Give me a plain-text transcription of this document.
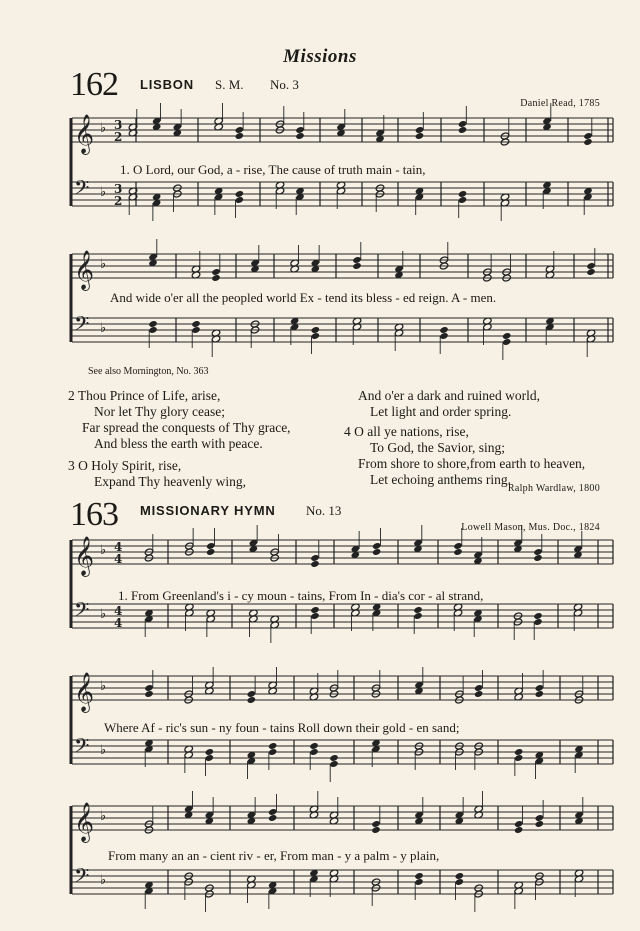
Missions
162 LISBON S. M. No. 3
Daniel Read, 1785
𝄞 ♭ 3
2
𝄢 ♭ 3
2
1. O Lord, our God, a - rise, The cause of truth main - tain,
𝄞 ♭
𝄢 ♭
And wide o'er all the peopled world Ex - tend its bless - ed reign. A - men.
See also Mornington, No. 363
2 Thou Prince of Life, arise,
Nor let Thy glory cease;
Far spread the conquests of Thy grace,
And bless the earth with peace.
3 O Holy Spirit, rise,
Expand Thy heavenly wing,
And o'er a dark and ruined world,
Let light and order spring.
4 O all ye nations, rise,
To God, the Savior, sing;
From shore to shore,from earth to heaven,
Let echoing anthems ring.
Ralph Wardlaw, 1800
163 MISSIONARY HYMN No. 13
Lowell Mason, Mus. Doc., 1824
𝄞 ♭ 4
4
𝄢 ♭ 4
4
1. From Greenland's i - cy moun - tains, From In - dia's cor - al strand,
𝄞 ♭
𝄢 ♭
Where Af - ric's sun - ny foun - tains Roll down their gold - en sand;
𝄞 ♭
𝄢 ♭
From many an an - cient riv - er, From man - y a palm - y plain,
